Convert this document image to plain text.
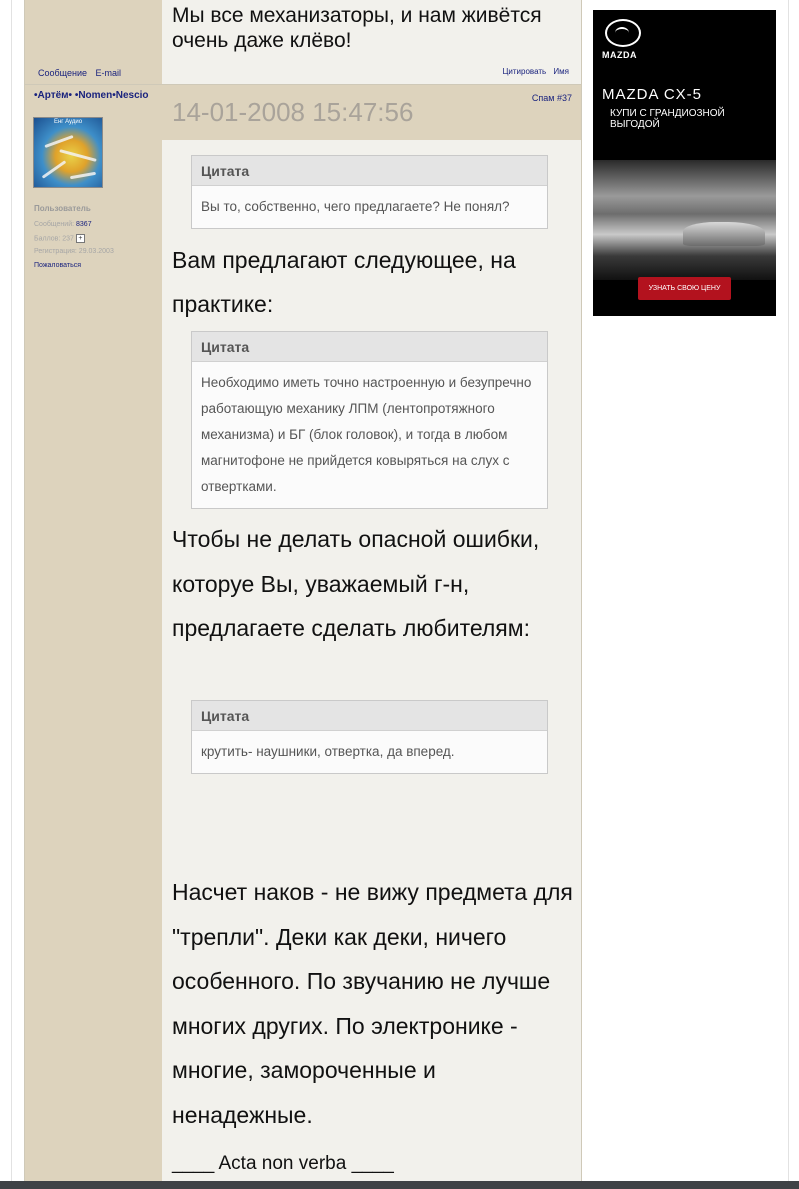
Сообщение E-mail
•Артём• •Nomen•Nescio
Енг Аудио
Пользователь
Сообщений: 8367
Баллов: 237 +
Регистрация: 29.03.2003
Пожаловаться
Мы все механизаторы, и нам живётся очень даже клёво!
Цитировать Имя
14-01-2008 15:47:56	Спам #37
Цитата
Вы то, собственно, чего предлагаете? Не понял?
Вам предлагают следующее, на практике:
Цитата
Необходимо иметь точно настроенную и безупречно работающую механику ЛПМ (лентопротяжного механизма) и БГ (блок головок), и тогда в любом магнитофоне не прийдется ковыряться на слух с отвертками.
Чтобы не делать опасной ошибки, которуе Вы, уважаемый г-н, предлагаете сделать любителям:
Цитата
крутить- наушники, отвертка, да вперед.
Насчет наков - не вижу предмета для "трепли". Деки как деки, ничего особенного. По звучанию не лучше многих других. По электронике - многие, замороченные и ненадежные.
____ Acta non verba ____
MAZDA
MAZDA CX-5
КУПИ С ГРАНДИОЗНОЙ ВЫГОДОЙ
УЗНАТЬ СВОЮ ЦЕНУ
